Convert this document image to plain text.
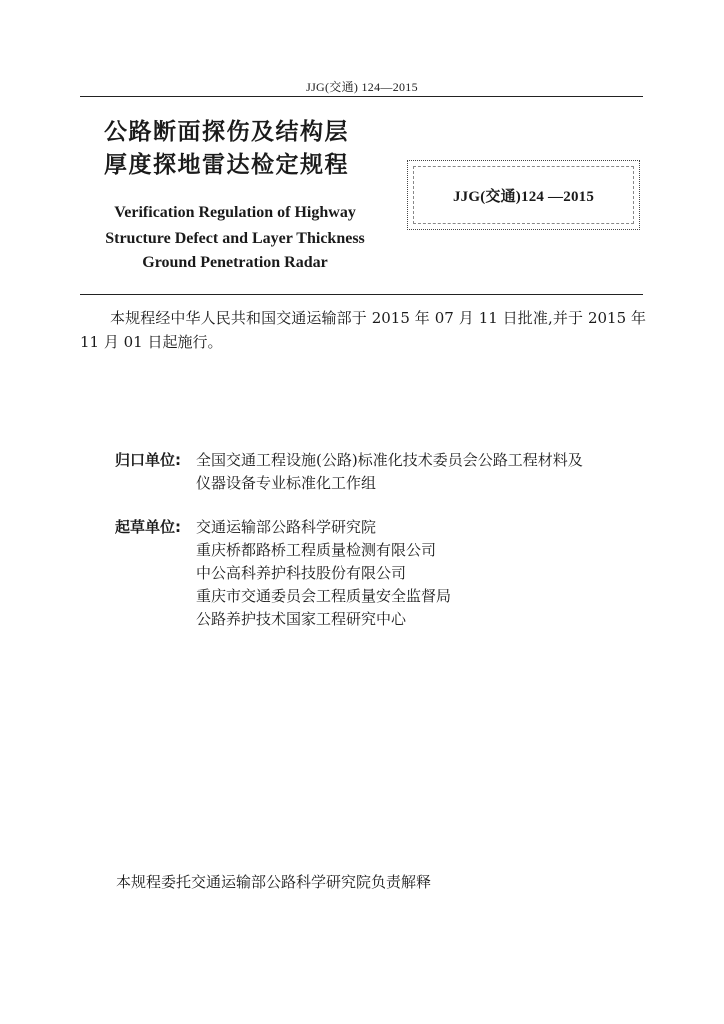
JJG(交通) 124—2015
公路断面探伤及结构层
厚度探地雷达检定规程
JJG(交通)124 —2015
Verification Regulation of Highway
Structure Defect and Layer Thickness
Ground Penetration Radar
本规程经中华人民共和国交通运输部于 2015 年 07 月 11 日批准,并于 2015 年 11 月 01 日起施行。
归口单位:	全国交通工程设施(公路)标准化技术委员会公路工程材料及
仪器设备专业标准化工作组
起草单位:	交通运输部公路科学研究院
重庆桥都路桥工程质量检测有限公司
中公高科养护科技股份有限公司
重庆市交通委员会工程质量安全监督局
公路养护技术国家工程研究中心
本规程委托交通运输部公路科学研究院负责解释
